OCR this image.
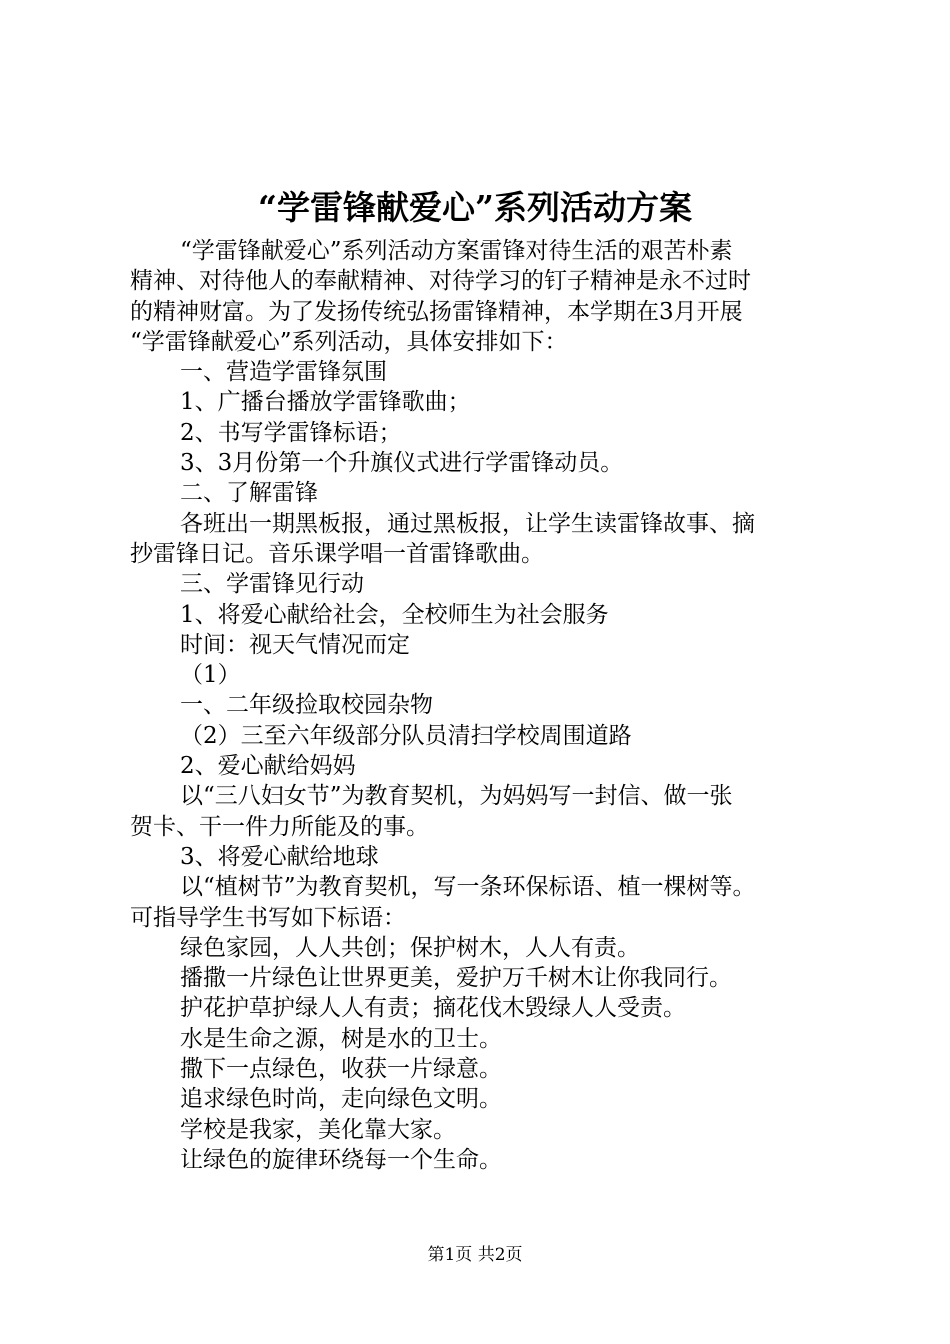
“学雷锋献爱心”系列活动方案
“学雷锋献爱心”系列活动方案雷锋对待生活的艰苦朴素
精神、对待他人的奉献精神、对待学习的钉子精神是永不过时
的精神财富。为了发扬传统弘扬雷锋精神，本学期在3月开展
“学雷锋献爱心”系列活动，具体安排如下：
一、营造学雷锋氛围
1、广播台播放学雷锋歌曲；
2、书写学雷锋标语；
3、3月份第一个升旗仪式进行学雷锋动员。
二、了解雷锋
各班出一期黑板报，通过黑板报，让学生读雷锋故事、摘
抄雷锋日记。音乐课学唱一首雷锋歌曲。
三、学雷锋见行动
1、将爱心献给社会，全校师生为社会服务
时间：视天气情况而定
（1）
一、二年级捡取校园杂物
（2）三至六年级部分队员清扫学校周围道路
2、爱心献给妈妈
以“三八妇女节”为教育契机，为妈妈写一封信、做一张
贺卡、干一件力所能及的事。
3、将爱心献给地球
以“植树节”为教育契机，写一条环保标语、植一棵树等。
可指导学生书写如下标语：
绿色家园，人人共创；保护树木，人人有责。
播撒一片绿色让世界更美，爱护万千树木让你我同行。
护花护草护绿人人有责；摘花伐木毁绿人人受责。
水是生命之源，树是水的卫士。
撒下一点绿色，收获一片绿意。
追求绿色时尚，走向绿色文明。
学校是我家，美化靠大家。
让绿色的旋律环绕每一个生命。
第1页 共2页
